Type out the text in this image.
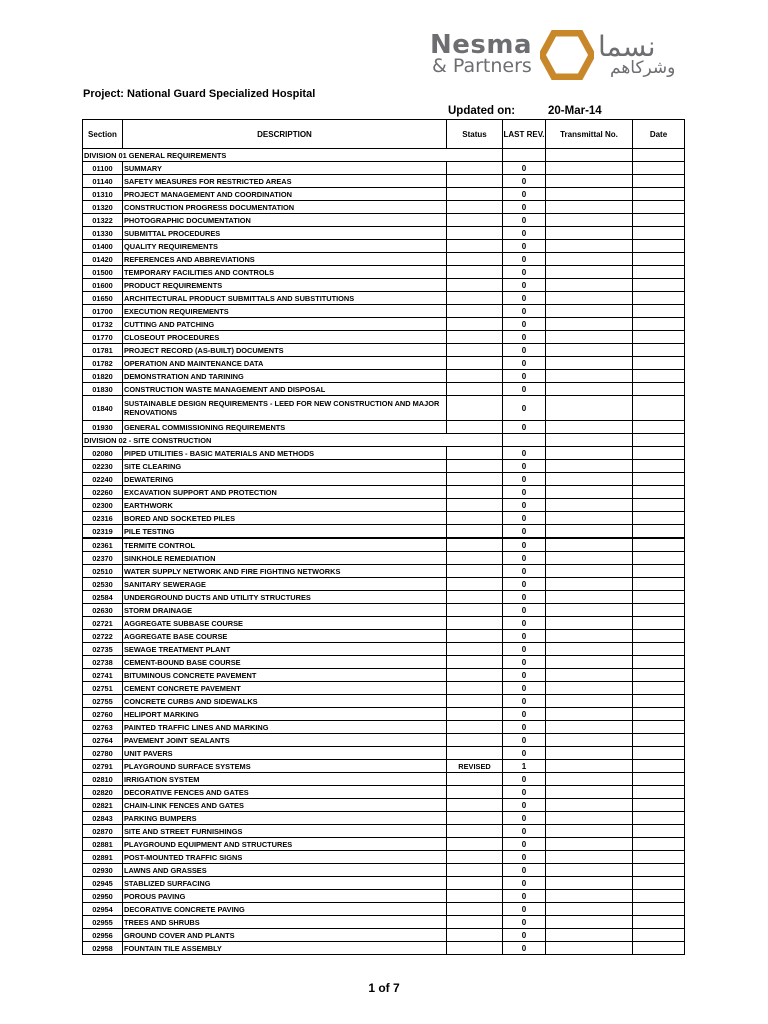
Nesma
& Partners
نسما
وشركاهم
Project: National Guard Specialized Hospital
Updated on:	20-Mar-14
Section	DESCRIPTION	Status	LAST REV.	Transmittal No.	Date
DIVISION 01 GENERAL REQUIREMENTS					
01100	SUMMARY		0		
01140	SAFETY MEASURES FOR RESTRICTED AREAS		0		
01310	PROJECT MANAGEMENT AND COORDINATION		0		
01320	CONSTRUCTION PROGRESS DOCUMENTATION		0		
01322	PHOTOGRAPHIC DOCUMENTATION		0		
01330	SUBMITTAL PROCEDURES		0		
01400	QUALITY REQUIREMENTS		0		
01420	REFERENCES AND ABBREVIATIONS		0		
01500	TEMPORARY FACILITIES AND CONTROLS		0		
01600	PRODUCT REQUIREMENTS		0		
01650	ARCHITECTURAL PRODUCT SUBMITTALS AND SUBSTITUTIONS		0		
01700	EXECUTION REQUIREMENTS		0		
01732	CUTTING AND PATCHING		0		
01770	CLOSEOUT PROCEDURES		0		
01781	PROJECT RECORD (AS-BUILT) DOCUMENTS		0		
01782	OPERATION AND MAINTENANCE DATA		0		
01820	DEMONSTRATION AND TARINING		0		
01830	CONSTRUCTION WASTE MANAGEMENT AND DISPOSAL		0		
01840	SUSTAINABLE DESIGN REQUIREMENTS - LEED FOR NEW CONSTRUCTION AND MAJOR RENOVATIONS		0		
01930	GENERAL COMMISSIONING REQUIREMENTS		0		
DIVISION 02 - SITE CONSTRUCTION					
02080	PIPED UTILITIES - BASIC MATERIALS AND METHODS		0		
02230	SITE CLEARING		0		
02240	DEWATERING		0		
02260	EXCAVATION SUPPORT AND PROTECTION		0		
02300	EARTHWORK		0		
02316	BORED AND SOCKETED PILES		0		
02319	PILE TESTING		0		
02361	TERMITE CONTROL		0		
02370	SINKHOLE REMEDIATION		0		
02510	WATER SUPPLY NETWORK AND FIRE FIGHTING NETWORKS		0		
02530	SANITARY SEWERAGE		0		
02584	UNDERGROUND DUCTS AND UTILITY STRUCTURES		0		
02630	STORM DRAINAGE		0		
02721	AGGREGATE SUBBASE COURSE		0		
02722	AGGREGATE BASE COURSE		0		
02735	SEWAGE TREATMENT PLANT		0		
02738	CEMENT-BOUND BASE COURSE		0		
02741	BITUMINOUS CONCRETE PAVEMENT		0		
02751	CEMENT CONCRETE PAVEMENT		0		
02755	CONCRETE CURBS AND SIDEWALKS		0		
02760	HELIPORT MARKING		0		
02763	PAINTED TRAFFIC LINES AND MARKING		0		
02764	PAVEMENT JOINT SEALANTS		0		
02780	UNIT PAVERS		0		
02791	PLAYGROUND SURFACE SYSTEMS	REVISED	1		
02810	IRRIGATION SYSTEM		0		
02820	DECORATIVE FENCES AND GATES		0		
02821	CHAIN-LINK FENCES AND GATES		0		
02843	PARKING BUMPERS		0		
02870	SITE AND STREET FURNISHINGS		0		
02881	PLAYGROUND EQUIPMENT AND STRUCTURES		0		
02891	POST-MOUNTED TRAFFIC SIGNS		0		
02930	LAWNS AND GRASSES		0		
02945	STABLIZED SURFACING		0		
02950	POROUS PAVING		0		
02954	DECORATIVE CONCRETE PAVING		0		
02955	TREES AND SHRUBS		0		
02956	GROUND COVER AND PLANTS		0		
02958	FOUNTAIN TILE ASSEMBLY		0		
1 of 7
